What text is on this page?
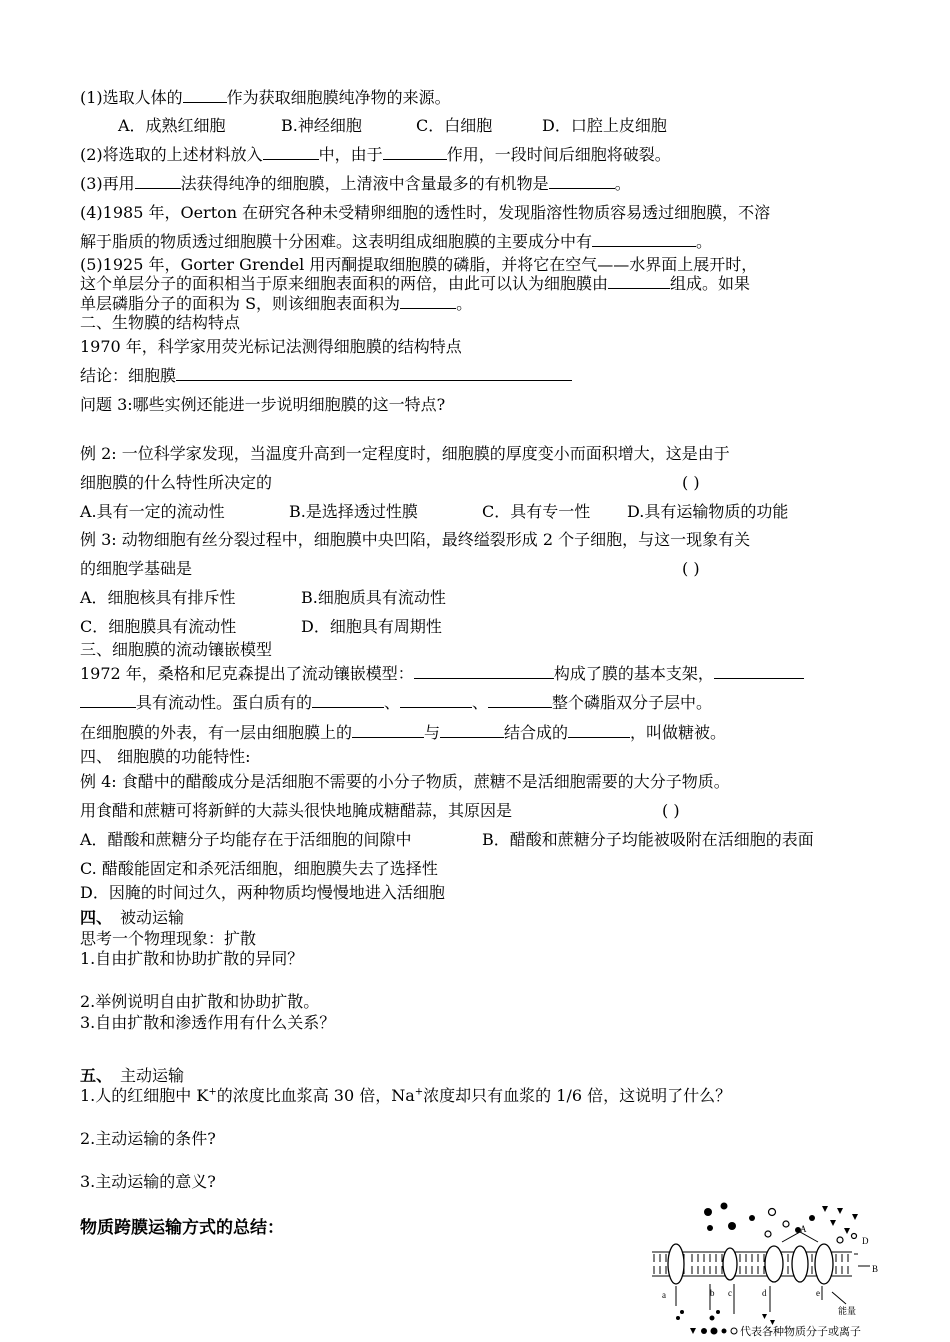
(1)选取人体的	作为获取细胞膜纯净物的来源。
A．成熟红细胞	B.神经细胞	C．白细胞	D．口腔上皮细胞
(2)将选取的上述材料放入	中，由于	作用，一段时间后细胞将破裂。
(3)再用	法获得纯净的细胞膜，上清液中含量最多的有机物是	。
(4)1985 年，Oerton 在研究各种未受精卵细胞的透性时，发现脂溶性物质容易透过细胞膜，不溶
解于脂质的物质透过细胞膜十分困难。这表明组成细胞膜的主要成分中有	。
(5)1925 年，Gorter Grendel 用丙酮提取细胞膜的磷脂，并将它在空气——水界面上展开时，
这个单层分子的面积相当于原来细胞表面积的两倍，由此可以认为细胞膜由	组成。如果
单层磷脂分子的面积为 S，则该细胞表面积为	。
二、生物膜的结构特点
1970 年，科学家用荧光标记法测得细胞膜的结构特点
结论：细胞膜
问题 3:哪些实例还能进一步说明细胞膜的这一特点?
例 2: 一位科学家发现，当温度升高到一定程度时，细胞膜的厚度变小而面积增大，这是由于
细胞膜的什么特性所决定的	( )
A.具有一定的流动性	B.是选择透过性膜	C．具有专一性 D.具有运输物质的功能
例 3: 动物细胞有丝分裂过程中，细胞膜中央凹陷，最终缢裂形成 2 个子细胞，与这一现象有关
的细胞学基础是	( )
A．细胞核具有排斥性	B.细胞质具有流动性
C．细胞膜具有流动性	D．细胞具有周期性
三、细胞膜的流动镶嵌模型
1972 年，桑格和尼克森提出了流动镶嵌模型：	构成了膜的基本支架，
具有流动性。蛋白质有的	、	、	整个磷脂双分子层中。
在细胞膜的外表，有一层由细胞膜上的	与	结合成的	，叫做糖被。
四、 细胞膜的功能特性:
例 4: 食醋中的醋酸成分是活细胞不需要的小分子物质，蔗糖不是活细胞需要的大分子物质。
用食醋和蔗糖可将新鲜的大蒜头很快地腌成糖醋蒜，其原因是	( )
A．醋酸和蔗糖分子均能存在于活细胞的间隙中	B．醋酸和蔗糖分子均能被吸附在活细胞的表面
C. 醋酸能固定和杀死活细胞，细胞膜失去了选择性
D．因腌的时间过久，两种物质均慢慢地进入活细胞
四、 被动运输
思考一个物理现象：扩散
1.自由扩散和协助扩散的异同？
2.举例说明自由扩散和协助扩散。
3.自由扩散和渗透作用有什么关系？
五、 主动运输
1.人的红细胞中 K+的浓度比血浆高 30 倍，Na+浓度却只有血浆的 1/6 倍，这说明了什么？
2.主动运输的条件?
3.主动运输的意义?
物质跨膜运输方式的总结：	A
B
D
a	b c	d	e
能量
代表各种物质分子或离子
